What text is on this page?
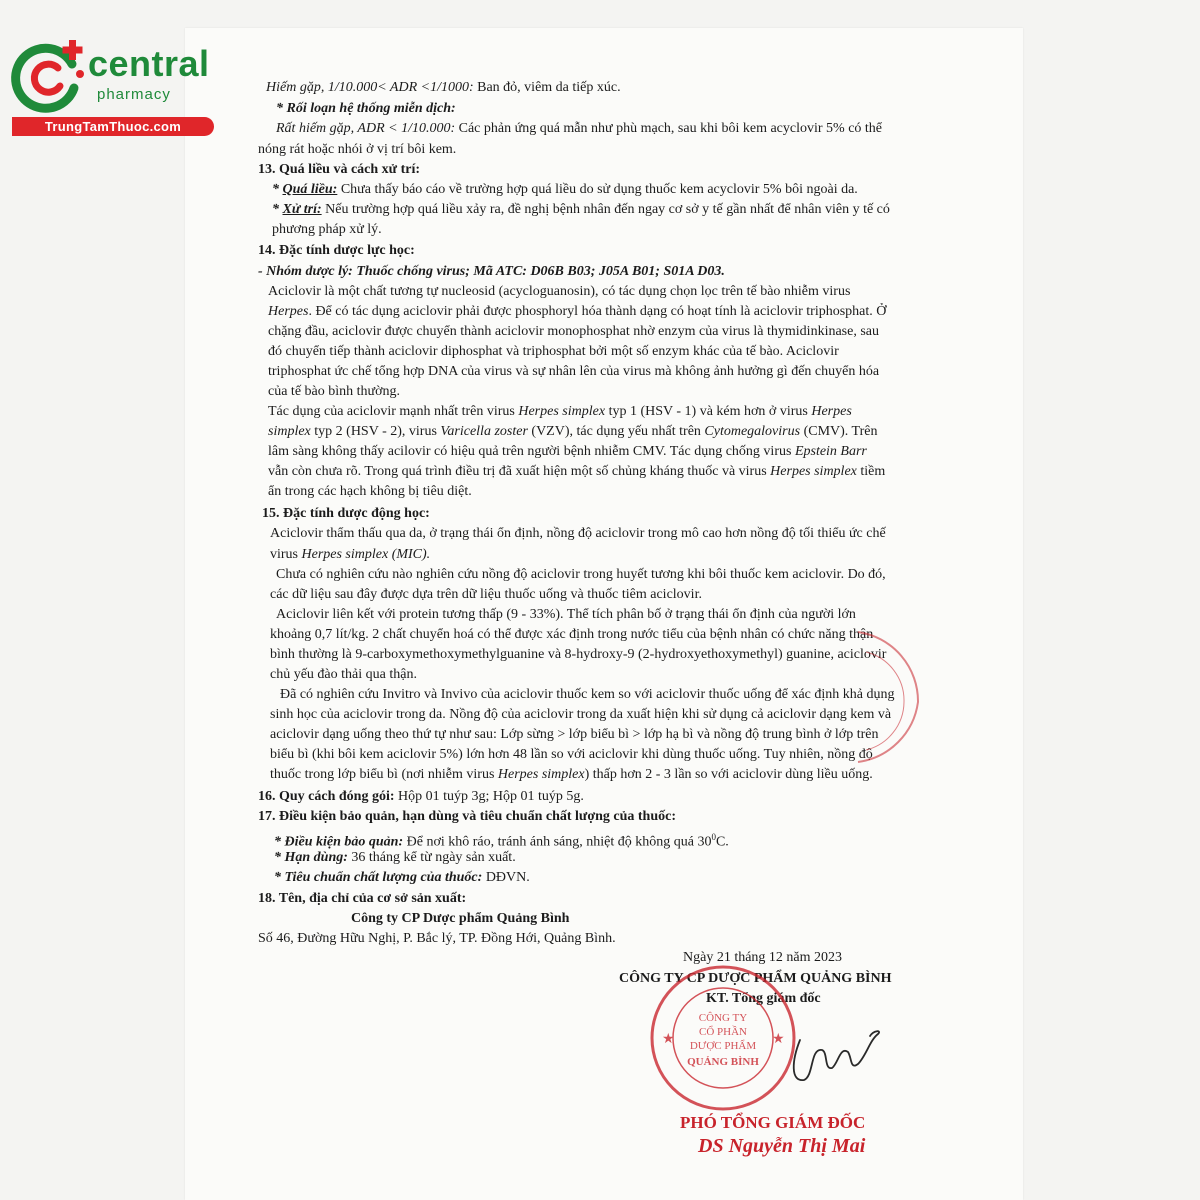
central
pharmacy
TrungTamThuoc.com
Hiếm gặp, 1/10.000< ADR <1/1000: Ban đỏ, viêm da tiếp xúc.
* Rối loạn hệ thống miễn dịch:
Rất hiếm gặp, ADR < 1/10.000: Các phản ứng quá mẫn như phù mạch, sau khi bôi kem acyclovir 5% có thể
nóng rát hoặc nhói ở vị trí bôi kem.
13. Quá liều và cách xử trí:
* Quá liều: Chưa thấy báo cáo về trường hợp quá liều do sử dụng thuốc kem acyclovir 5% bôi ngoài da.
* Xử trí: Nếu trường hợp quá liều xảy ra, đề nghị bệnh nhân đến ngay cơ sở y tế gần nhất để nhân viên y tế có
phương pháp xử lý.
14. Đặc tính dược lực học:
- Nhóm dược lý: Thuốc chống virus; Mã ATC: D06B B03; J05A B01; S01A D03.
Aciclovir là một chất tương tự nucleosid (acycloguanosin), có tác dụng chọn lọc trên tế bào nhiễm virus
Herpes. Để có tác dụng aciclovir phải được phosphoryl hóa thành dạng có hoạt tính là aciclovir triphosphat. Ở
chặng đầu, aciclovir được chuyển thành aciclovir monophosphat nhờ enzym của virus là thymidinkinase, sau
đó chuyển tiếp thành aciclovir diphosphat và triphosphat bởi một số enzym khác của tế bào. Aciclovir
triphosphat ức chế tổng hợp DNA của virus và sự nhân lên của virus mà không ảnh hưởng gì đến chuyển hóa
của tế bào bình thường.
Tác dụng của aciclovir mạnh nhất trên virus Herpes simplex typ 1 (HSV - 1) và kém hơn ở virus Herpes
simplex typ 2 (HSV - 2), virus Varicella zoster (VZV), tác dụng yếu nhất trên Cytomegalovirus (CMV). Trên
lâm sàng không thấy acilovir có hiệu quả trên người bệnh nhiễm CMV. Tác dụng chống virus Epstein Barr
vẫn còn chưa rõ. Trong quá trình điều trị đã xuất hiện một số chủng kháng thuốc và virus Herpes simplex tiềm
ẩn trong các hạch không bị tiêu diệt.
15. Đặc tính dược động học:
Aciclovir thẩm thấu qua da, ở trạng thái ổn định, nồng độ aciclovir trong mô cao hơn nồng độ tối thiểu ức chế
virus Herpes simplex (MIC).
Chưa có nghiên cứu nào nghiên cứu nồng độ aciclovir trong huyết tương khi bôi thuốc kem aciclovir. Do đó,
các dữ liệu sau đây được dựa trên dữ liệu thuốc uống và thuốc tiêm aciclovir.
Aciclovir liên kết với protein tương thấp (9 - 33%). Thể tích phân bố ở trạng thái ổn định của người lớn
khoảng 0,7 lít/kg. 2 chất chuyển hoá có thể được xác định trong nước tiểu của bệnh nhân có chức năng thận
bình thường là 9-carboxymethoxymethylguanine và 8-hydroxy-9 (2-hydroxyethoxymethyl) guanine, aciclovir
chủ yếu đào thải qua thận.
Đã có nghiên cứu Invitro và Invivo của aciclovir thuốc kem so với aciclovir thuốc uống để xác định khả dụng
sinh học của aciclovir trong da. Nồng độ của aciclovir trong da xuất hiện khi sử dụng cả aciclovir dạng kem và
aciclovir dạng uống theo thứ tự như sau: Lớp sừng > lớp biểu bì > lớp hạ bì và nồng độ trung bình ở lớp trên
biểu bì (khi bôi kem aciclovir 5%) lớn hơn 48 lần so với aciclovir khi dùng thuốc uống. Tuy nhiên, nồng độ
thuốc trong lớp biểu bì (nơi nhiễm virus Herpes simplex) thấp hơn 2 - 3 lần so với aciclovir dùng liều uống.
16. Quy cách đóng gói: Hộp 01 tuýp 3g; Hộp 01 tuýp 5g.
17. Điều kiện bảo quản, hạn dùng và tiêu chuẩn chất lượng của thuốc:
* Điều kiện bảo quản: Để nơi khô ráo, tránh ánh sáng, nhiệt độ không quá $30^0C$.
* Hạn dùng: 36 tháng kể từ ngày sản xuất.
* Tiêu chuẩn chất lượng của thuốc: DĐVN.
18. Tên, địa chỉ của cơ sở sản xuất:
Công ty CP Dược phẩm Quảng Bình
Số 46, Đường Hữu Nghị, P. Bắc lý, TP. Đồng Hới, Quảng Bình.
Ngày 21 tháng 12 năm 2023
CÔNG TY CP DƯỢC PHẨM QUẢNG BÌNH
KT. Tổng giám đốc
PHÓ TỔNG GIÁM ĐỐC
DS Nguyễn Thị Mai
CÔNG TY
CỔ PHẦN
DƯỢC PHẨM
QUẢNG BÌNH
★	★
